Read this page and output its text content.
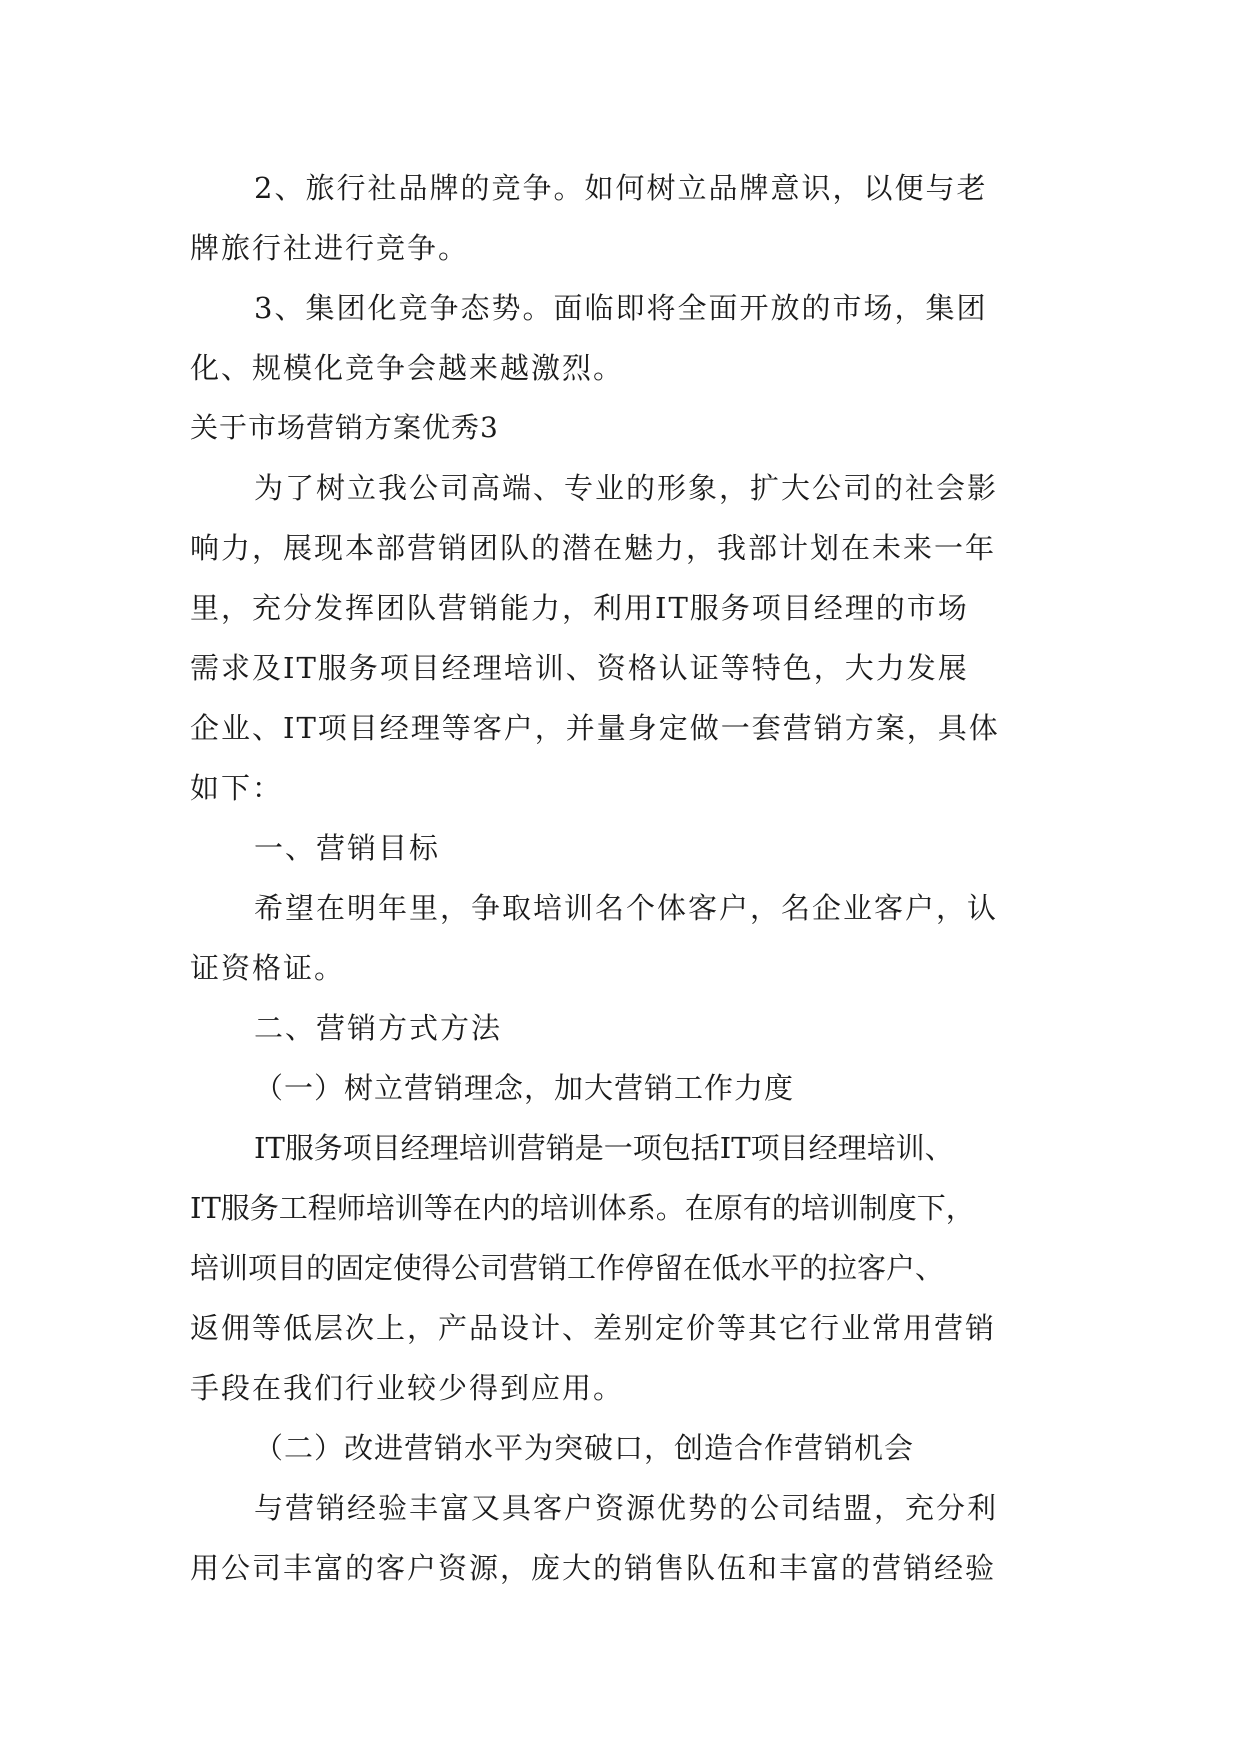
2、旅行社品牌的竞争。如何树立品牌意识，以便与老
牌旅行社进行竞争。
3、集团化竞争态势。面临即将全面开放的市场，集团
化、规模化竞争会越来越激烈。
关于市场营销方案优秀3
为了树立我公司高端、专业的形象，扩大公司的社会影
响力，展现本部营销团队的潜在魅力，我部计划在未来一年
里，充分发挥团队营销能力，利用IT服务项目经理的市场
需求及IT服务项目经理培训、资格认证等特色，大力发展
企业、IT项目经理等客户，并量身定做一套营销方案，具体
如下：
一、营销目标
希望在明年里，争取培训名个体客户，名企业客户，认
证资格证。
二、营销方式方法
（一）树立营销理念，加大营销工作力度
IT服务项目经理培训营销是一项包括IT项目经理培训、
IT服务工程师培训等在内的培训体系。在原有的培训制度下，
培训项目的固定使得公司营销工作停留在低水平的拉客户、
返佣等低层次上，产品设计、差别定价等其它行业常用营销
手段在我们行业较少得到应用。
（二）改进营销水平为突破口，创造合作营销机会
与营销经验丰富又具客户资源优势的公司结盟，充分利
用公司丰富的客户资源，庞大的销售队伍和丰富的营销经验
